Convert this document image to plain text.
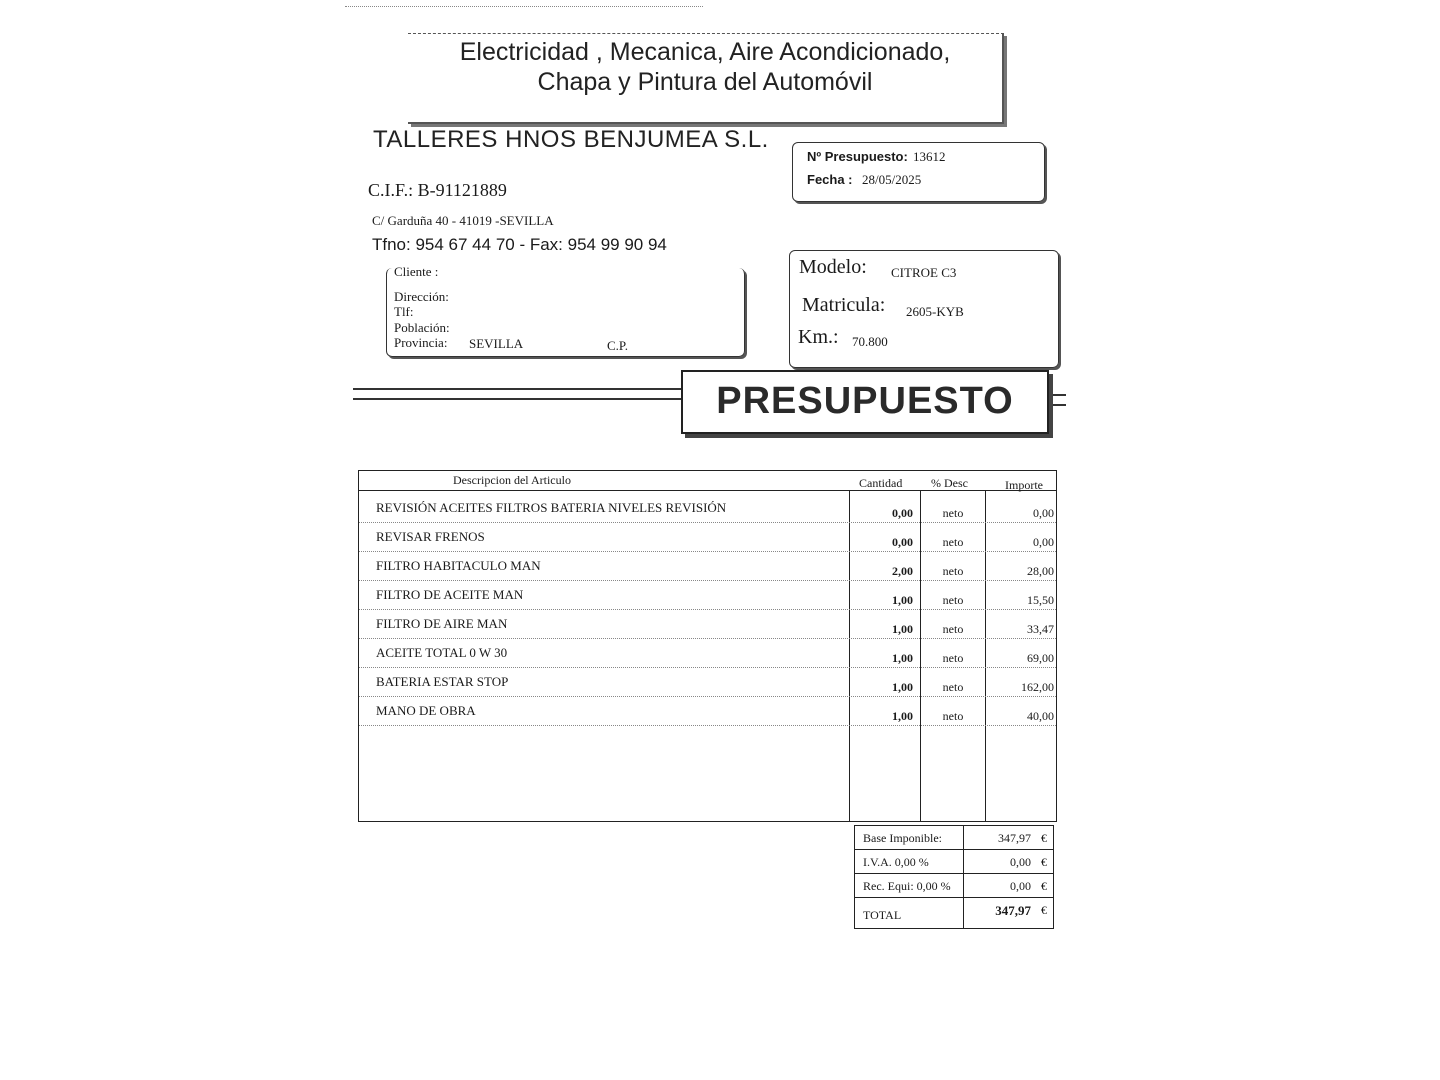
Electricidad , Mecanica, Aire Acondicionado,
Chapa y Pintura del Automóvil
TALLERES HNOS BENJUMEA S.L.
C.I.F.: B-91121889
C/ Garduña 40 - 41019 -SEVILLA
Tfno: 954 67 44 70 - Fax: 954 99 90 94
Nº Presupuesto: 13612
Fecha : 28/05/2025
Cliente :
Dirección:
Tlf:
Población:
Provincia: SEVILLA	C.P.
Modelo: CITROE C3
Matricula: 2605-KYB
Km.: 70.800
PRESUPUESTO
Descripcion del Articulo	Cantidad % Desc	Importe
REVISIÓN ACEITES FILTROS BATERIA NIVELES REVISIÓN	0,00	neto	0,00
REVISAR FRENOS	0,00	neto	0,00
FILTRO HABITACULO MAN	2,00	neto	28,00
FILTRO DE ACEITE MAN	1,00	neto	15,50
FILTRO DE AIRE MAN	1,00	neto	33,47
ACEITE TOTAL 0 W 30	1,00	neto	69,00
BATERIA ESTAR STOP	1,00	neto	162,00
MANO DE OBRA	1,00	neto	40,00
Base Imponible:	347,97 €
I.V.A. 0,00 %	0,00 €
Rec. Equi: 0,00 %	0,00 €
TOTAL	347,97 €
